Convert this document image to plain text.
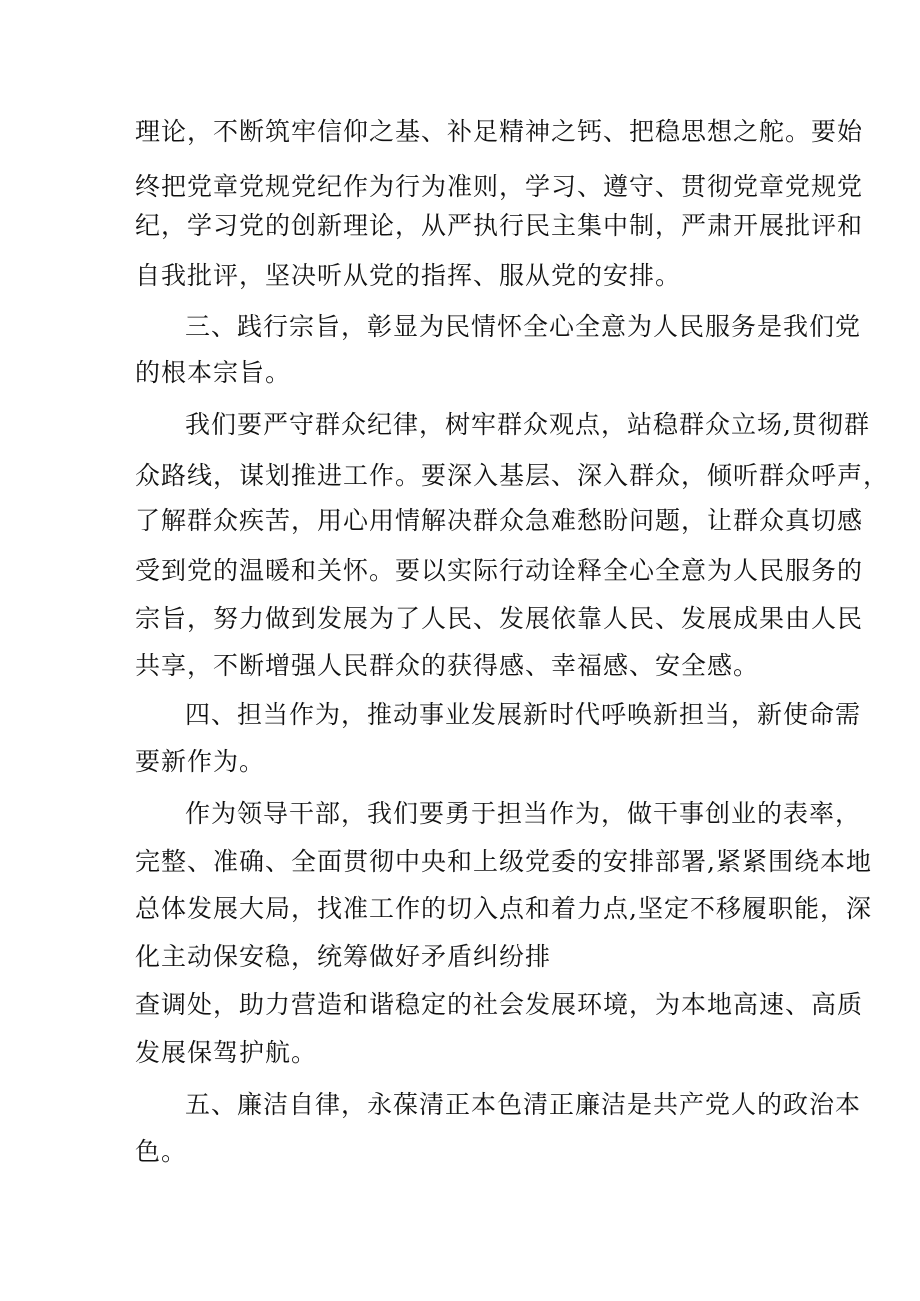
理论，不断筑牢信仰之基、补足精神之钙、把稳思想之舵。要始
终把党章党规党纪作为行为准则，学习、遵守、贯彻党章党规党
纪，学习党的创新理论，从严执行民主集中制，严肃开展批评和
自我批评，坚决听从党的指挥、服从党的安排。
三、践行宗旨，彰显为民情怀全心全意为人民服务是我们党
的根本宗旨。
我们要严守群众纪律，树牢群众观点，站稳群众立场,贯彻群
众路线，谋划推进工作。要深入基层、深入群众，倾听群众呼声，
了解群众疾苦，用心用情解决群众急难愁盼问题，让群众真切感
受到党的温暖和关怀。要以实际行动诠释全心全意为人民服务的
宗旨，努力做到发展为了人民、发展依靠人民、发展成果由人民
共享，不断增强人民群众的获得感、幸福感、安全感。
四、担当作为，推动事业发展新时代呼唤新担当，新使命需
要新作为。
作为领导干部，我们要勇于担当作为，做干事创业的表率，
完整、准确、全面贯彻中央和上级党委的安排部署,紧紧围绕本地
总体发展大局，找准工作的切入点和着力点,坚定不移履职能，深
化主动保安稳，统筹做好矛盾纠纷排
查调处，助力营造和谐稳定的社会发展环境，为本地高速、高质
发展保驾护航。
五、廉洁自律，永葆清正本色清正廉洁是共产党人的政治本
色。
